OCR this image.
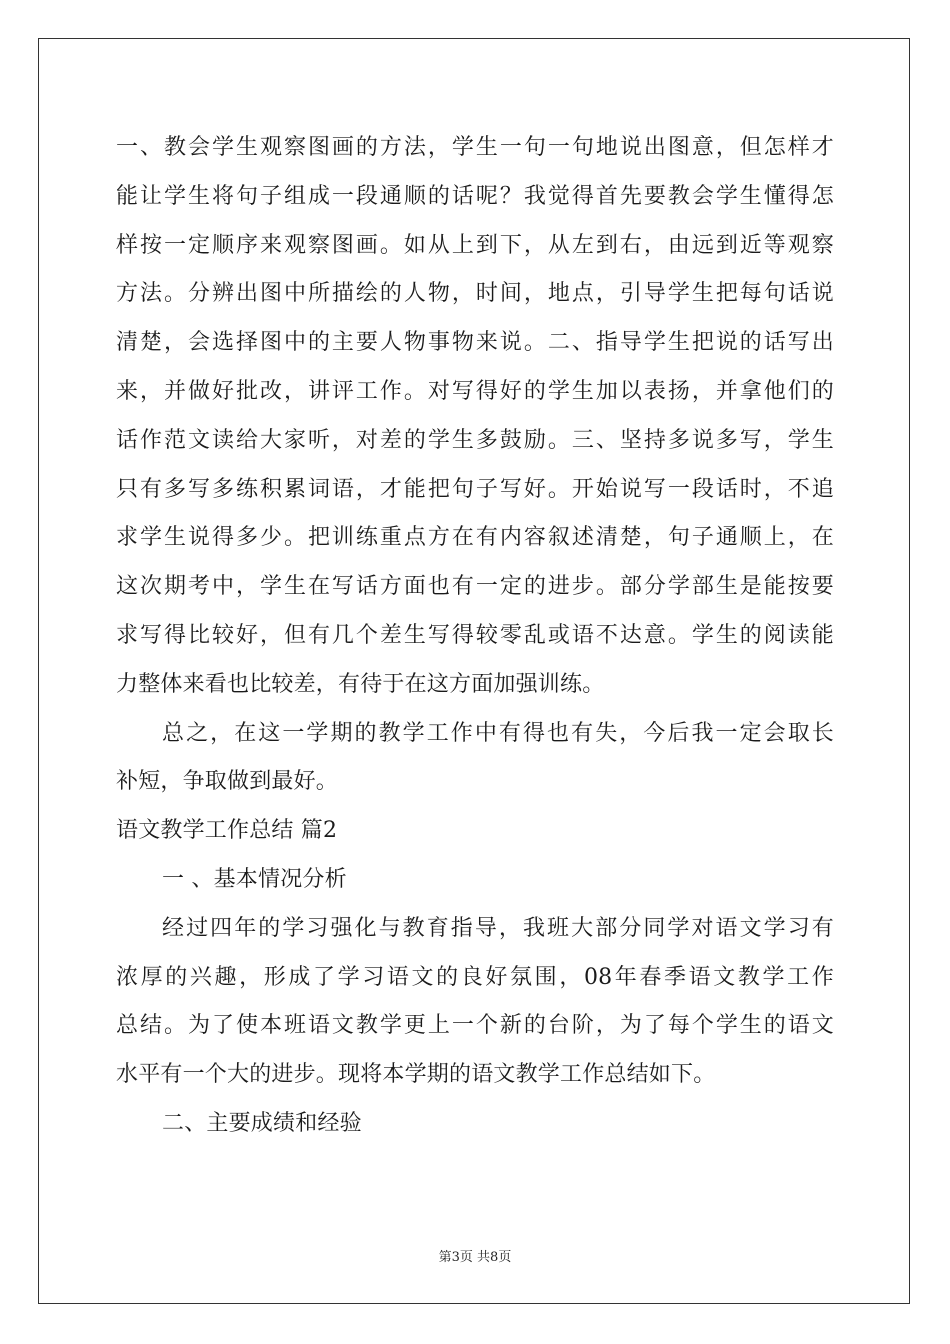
一、教会学生观察图画的方法，学生一句一句地说出图意，但怎样才
能让学生将句子组成一段通顺的话呢？我觉得首先要教会学生懂得怎
样按一定顺序来观察图画。如从上到下，从左到右，由远到近等观察
方法。分辨出图中所描绘的人物，时间，地点，引导学生把每句话说
清楚，会选择图中的主要人物事物来说。二、指导学生把说的话写出
来，并做好批改，讲评工作。对写得好的学生加以表扬，并拿他们的
话作范文读给大家听，对差的学生多鼓励。三、坚持多说多写，学生
只有多写多练积累词语，才能把句子写好。开始说写一段话时，不追
求学生说得多少。把训练重点方在有内容叙述清楚，句子通顺上，在
这次期考中，学生在写话方面也有一定的进步。部分学部生是能按要
求写得比较好，但有几个差生写得较零乱或语不达意。学生的阅读能
力整体来看也比较差，有待于在这方面加强训练。
总之，在这一学期的教学工作中有得也有失，今后我一定会取长
补短，争取做到最好。
语文教学工作总结 篇2
一 、基本情况分析
经过四年的学习强化与教育指导，我班大部分同学对语文学习有
浓厚的兴趣，形成了学习语文的良好氛围，08年春季语文教学工作
总结。为了使本班语文教学更上一个新的台阶，为了每个学生的语文
水平有一个大的进步。现将本学期的语文教学工作总结如下。
二、主要成绩和经验
第3页 共8页
